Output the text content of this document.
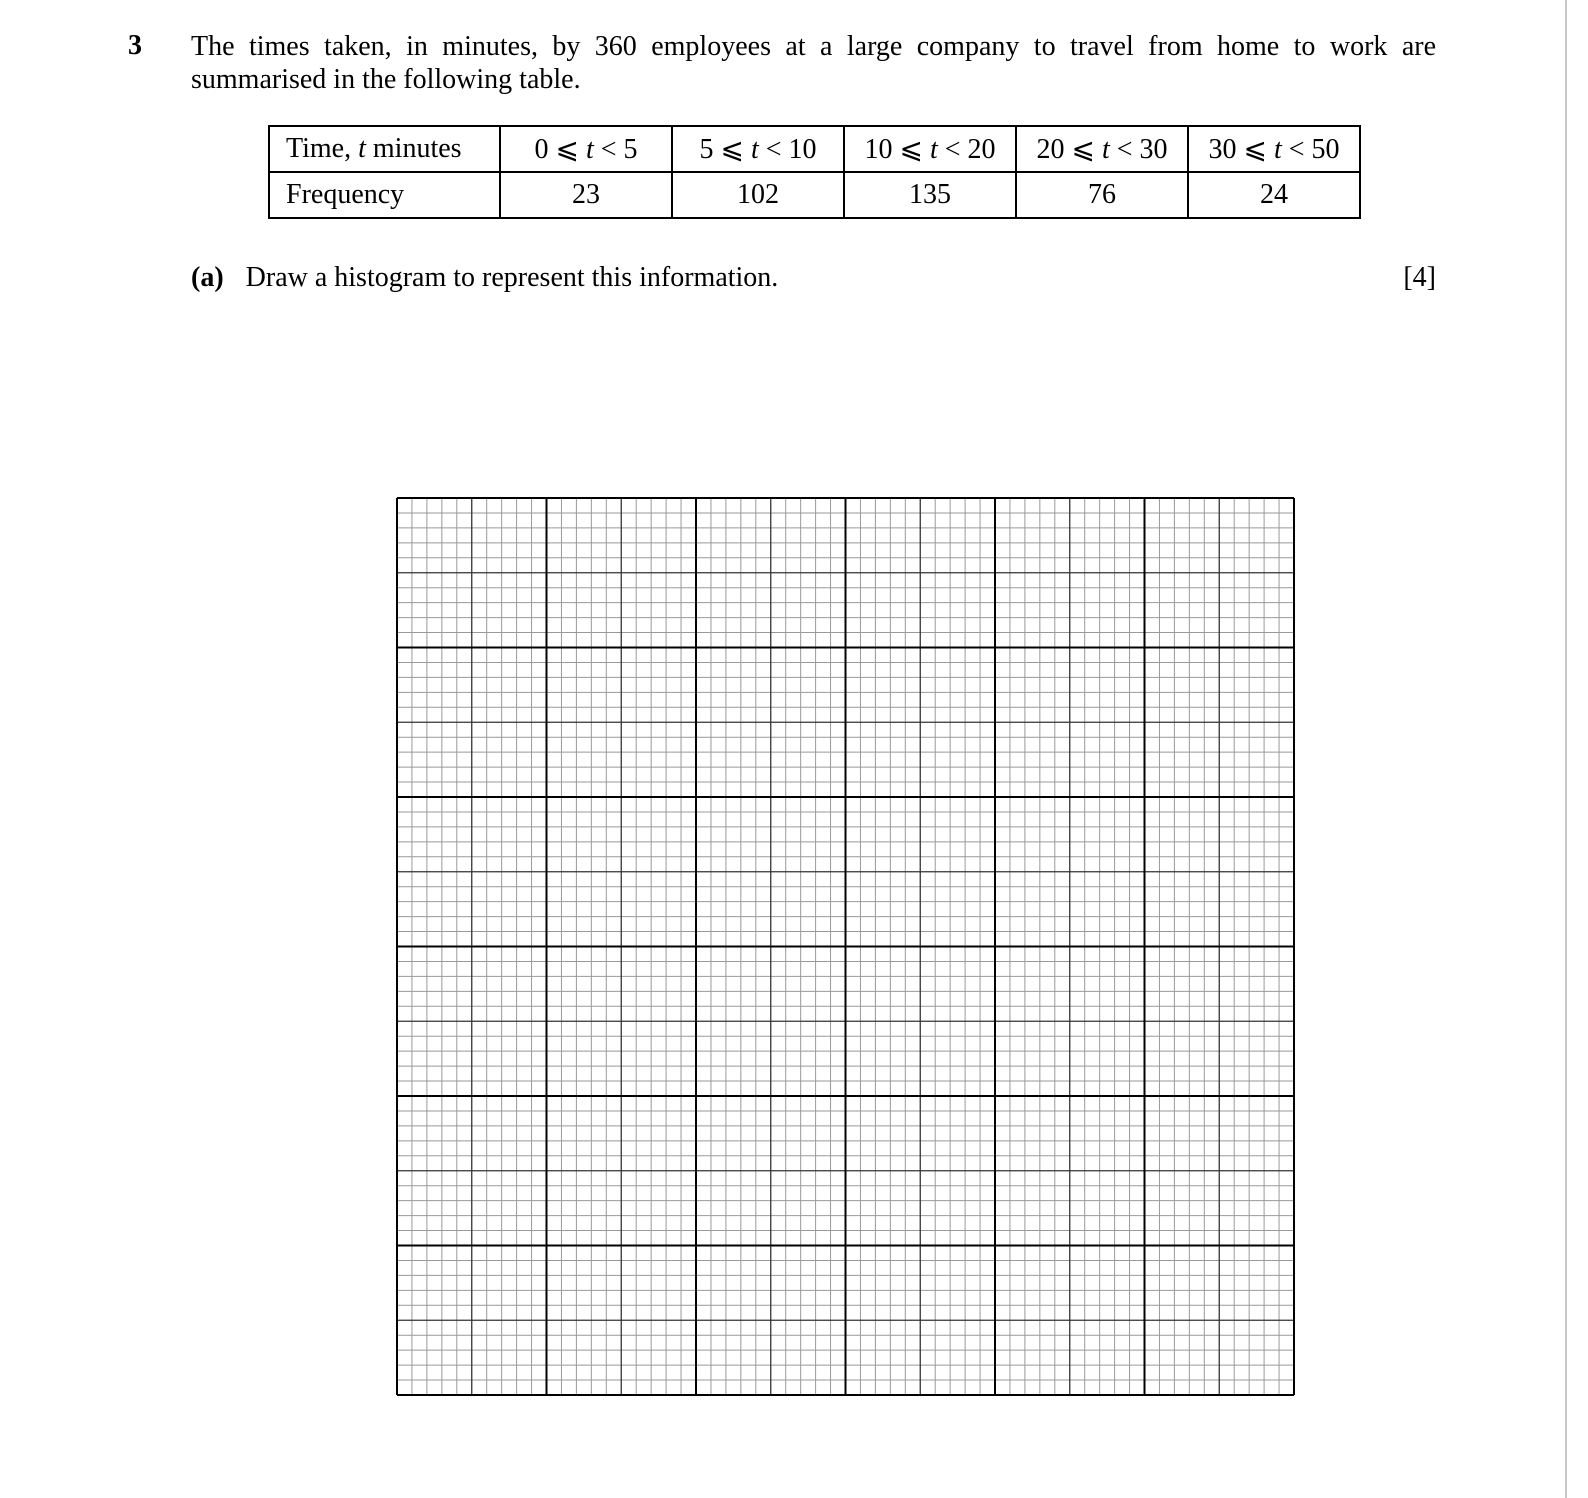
3 The times taken, in minutes, by 360 employees at a large company to travel from home to work are summarised in the following table.
Time, t minutes	0 ⩽ t < 5	5 ⩽ t < 10	10 ⩽ t < 20	20 ⩽ t < 30	30 ⩽ t < 50
Frequency	23	102	135	76	24
(a) Draw a histogram to represent this information.	[4]
